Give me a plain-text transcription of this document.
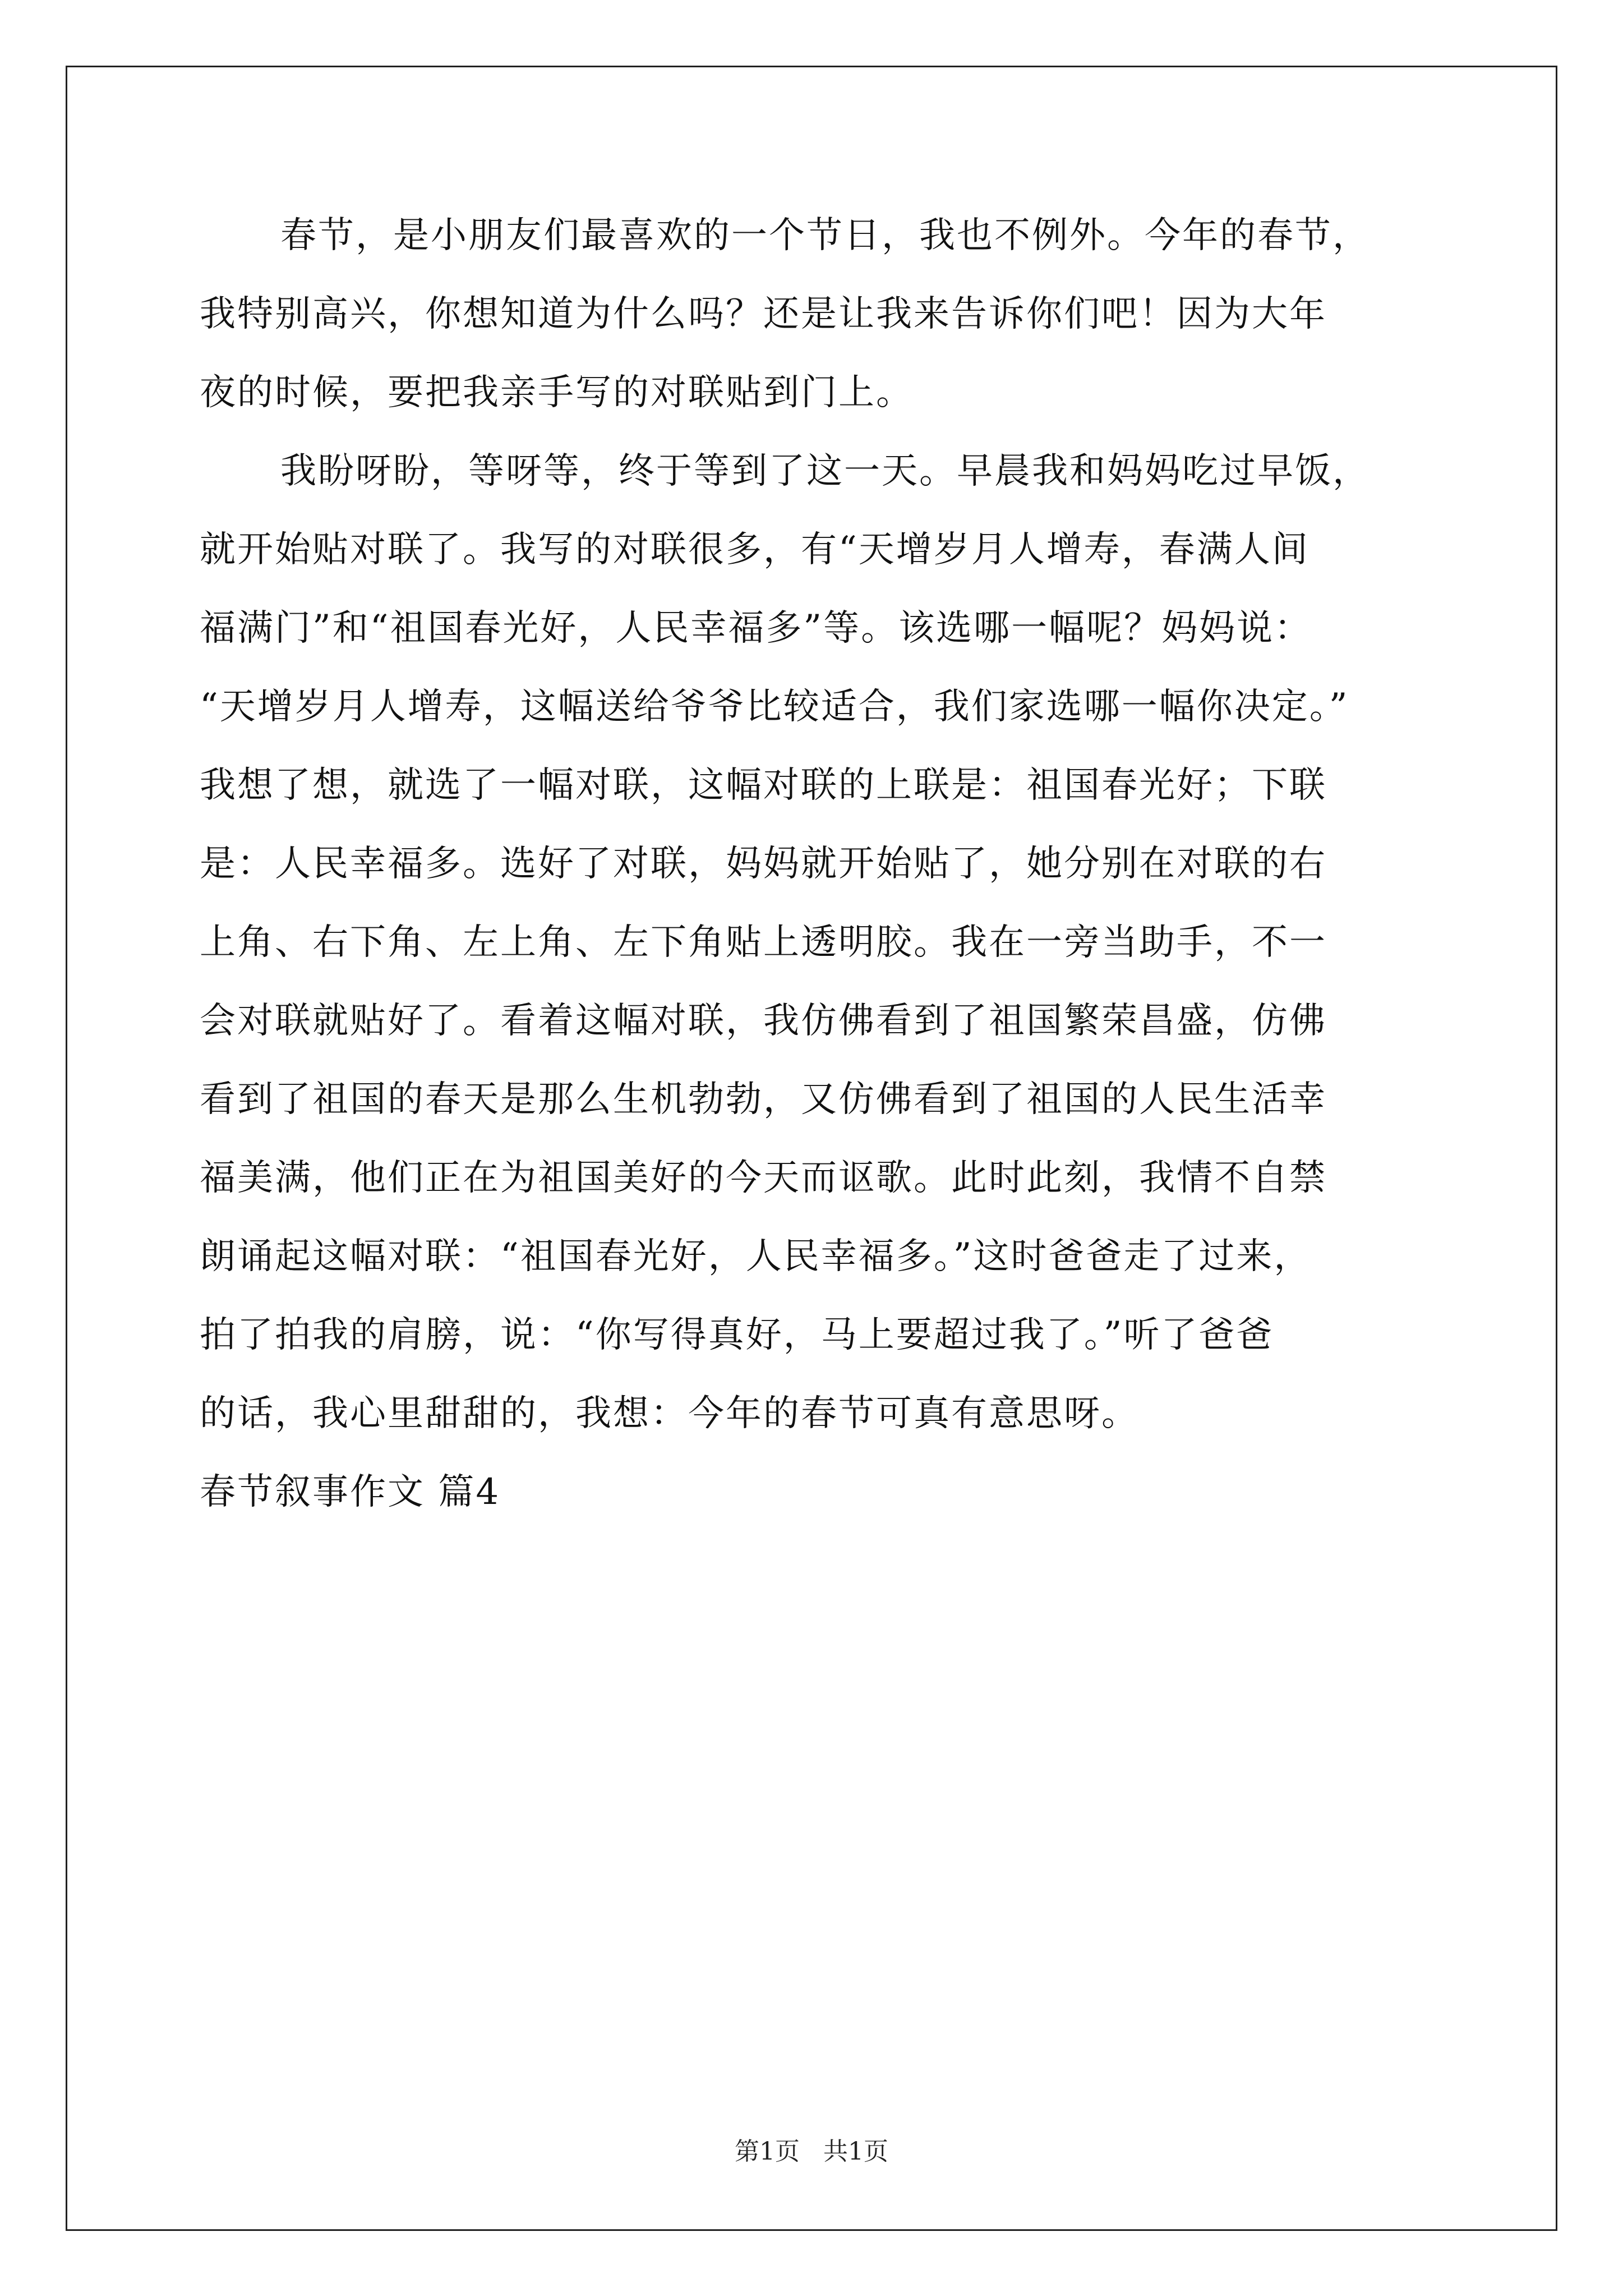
春节，是小朋友们最喜欢的一个节日，我也不例外。今年的春节，
我特别高兴，你想知道为什么吗？还是让我来告诉你们吧！因为大年
夜的时候，要把我亲手写的对联贴到门上。
我盼呀盼，等呀等，终于等到了这一天。早晨我和妈妈吃过早饭，
就开始贴对联了。我写的对联很多，有“天增岁月人增寿，春满人间
福满门”和“祖国春光好，人民幸福多”等。该选哪一幅呢？妈妈说：
“天增岁月人增寿，这幅送给爷爷比较适合，我们家选哪一幅你决定。”
我想了想，就选了一幅对联，这幅对联的上联是：祖国春光好；下联
是：人民幸福多。选好了对联，妈妈就开始贴了，她分别在对联的右
上角、右下角、左上角、左下角贴上透明胶。我在一旁当助手，不一
会对联就贴好了。看着这幅对联，我仿佛看到了祖国繁荣昌盛，仿佛
看到了祖国的春天是那么生机勃勃，又仿佛看到了祖国的人民生活幸
福美满，他们正在为祖国美好的今天而讴歌。此时此刻，我情不自禁
朗诵起这幅对联：“祖国春光好，人民幸福多。”这时爸爸走了过来，
拍了拍我的肩膀，说：“你写得真好，马上要超过我了。”听了爸爸
的话，我心里甜甜的，我想：今年的春节可真有意思呀。
春节叙事作文 篇4
第1页   共1页
